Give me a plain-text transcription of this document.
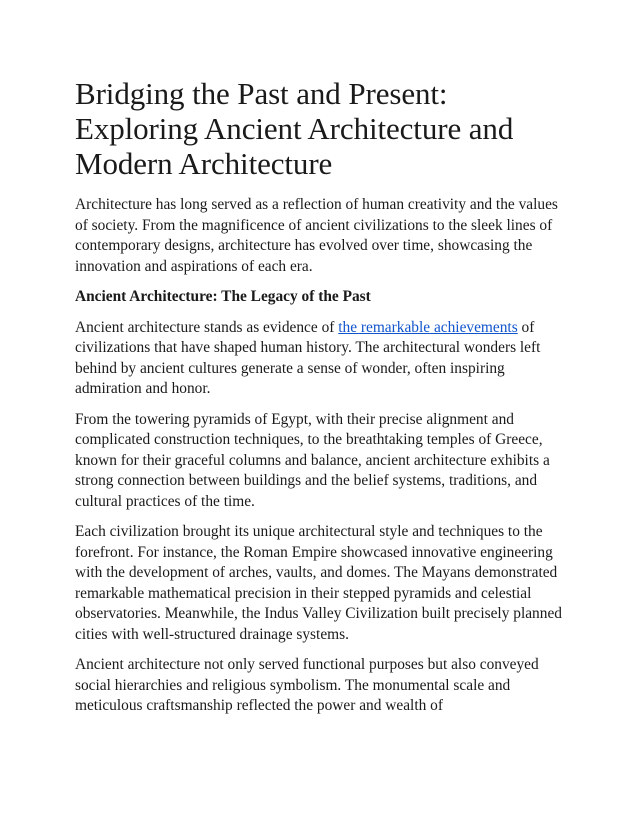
Bridging the Past and Present: Exploring Ancient Architecture and Modern Architecture

Architecture has long served as a reflection of human creativity and the values of society. From the magnificence of ancient civilizations to the sleek lines of contemporary designs, architecture has evolved over time, showcasing the innovation and aspirations of each era.

Ancient Architecture: The Legacy of the Past

Ancient architecture stands as evidence of the remarkable achievements of civilizations that have shaped human history. The architectural wonders left behind by ancient cultures generate a sense of wonder, often inspiring admiration and honor.

From the towering pyramids of Egypt, with their precise alignment and complicated construction techniques, to the breathtaking temples of Greece, known for their graceful columns and balance, ancient architecture exhibits a strong connection between buildings and the belief systems, traditions, and cultural practices of the time.

Each civilization brought its unique architectural style and techniques to the forefront. For instance, the Roman Empire showcased innovative engineering with the development of arches, vaults, and domes. The Mayans demonstrated remarkable mathematical precision in their stepped pyramids and celestial observatories. Meanwhile, the Indus Valley Civilization built precisely planned cities with well-structured drainage systems.

Ancient architecture not only served functional purposes but also conveyed social hierarchies and religious symbolism. The monumental scale and meticulous craftsmanship reflected the power and wealth of
